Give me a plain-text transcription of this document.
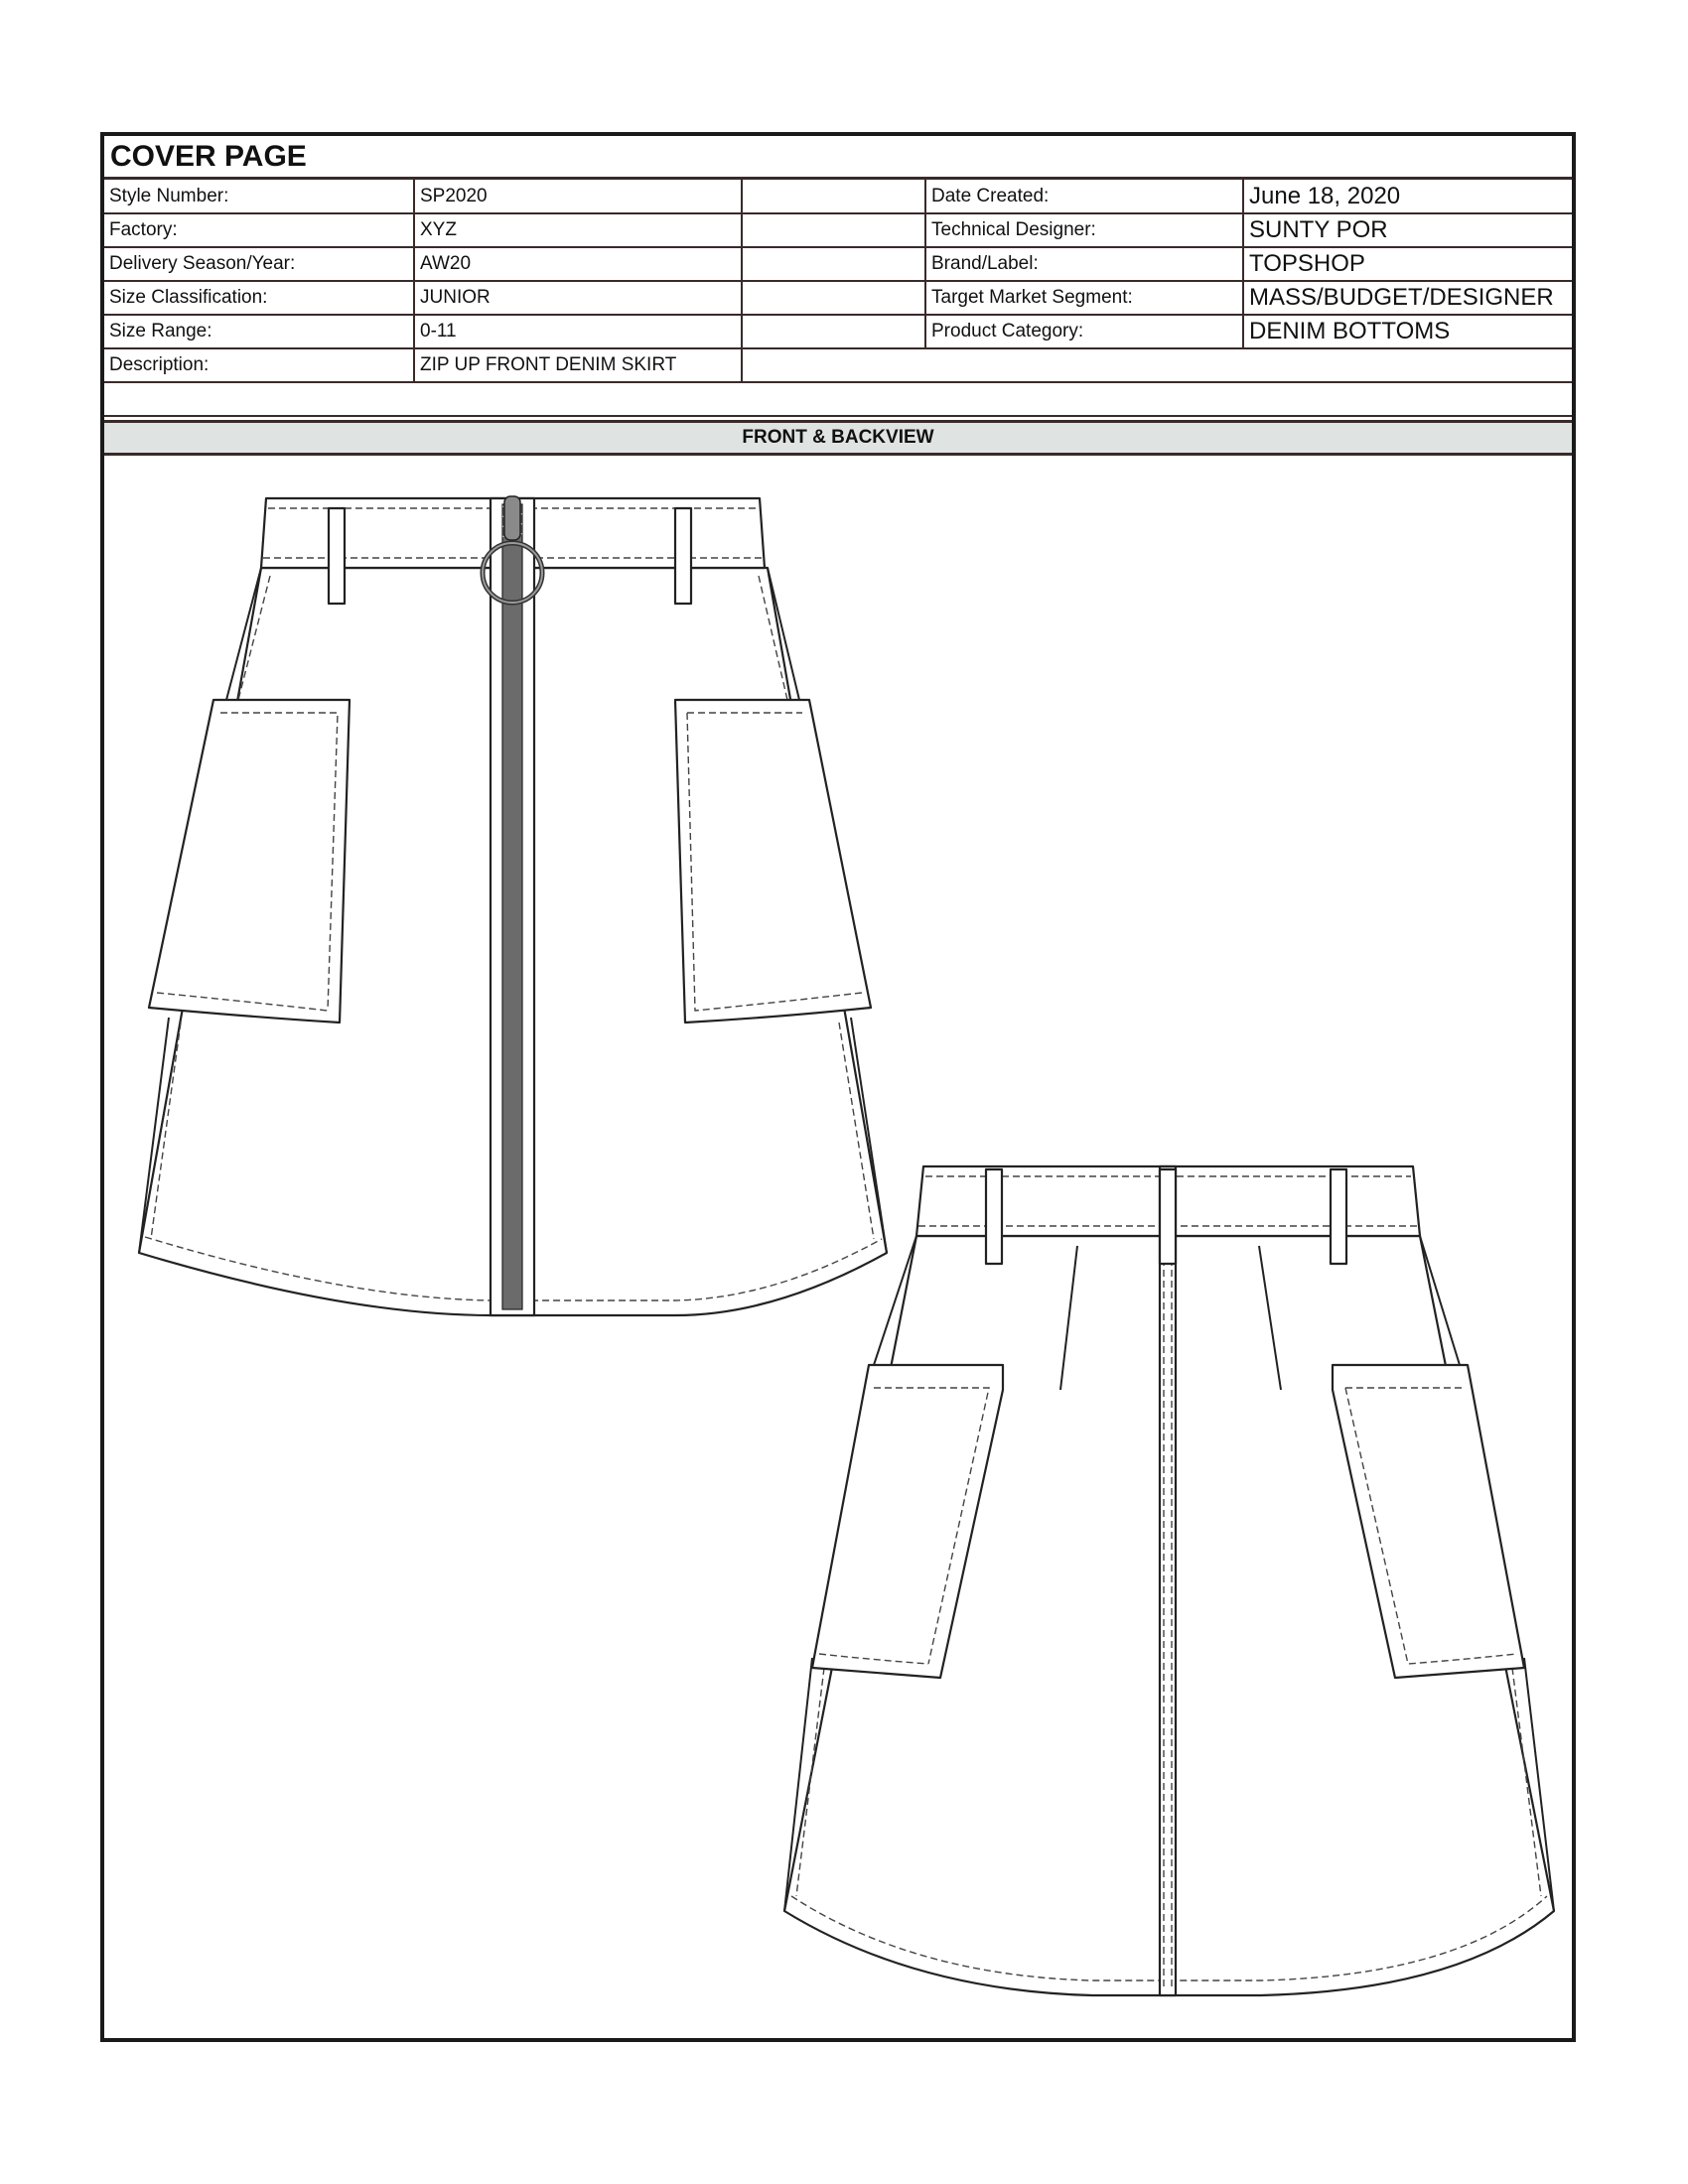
COVER PAGE
Style Number:	SP2020		Date Created:	June 18, 2020
Factory:	XYZ		Technical Designer:	SUNTY POR
Delivery Season/Year:	AW20		Brand/Label:	TOPSHOP
Size Classification:	JUNIOR		Target Market Segment:	MASS/BUDGET/DESIGNER
Size Range:	0-11		Product Category:	DENIM BOTTOMS
Description:	ZIP UP FRONT DENIM SKIRT			

FRONT & BACKVIEW
